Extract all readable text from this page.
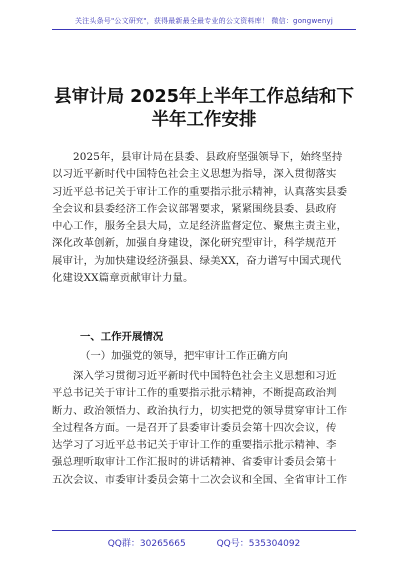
关注头条号"公文研究"，获得最新最全最专业的公文资料库！ 微信：gongwenyj
县审计局 2025年上半年工作总结和下
半年工作安排
2025年，县审计局在县委、县政府坚强领导下，始终坚持
以习近平新时代中国特色社会主义思想为指导，深入贯彻落实
习近平总书记关于审计工作的重要指示批示精神，认真落实县委
全会议和县委经济工作会议部署要求，紧紧围绕县委、县政府
中心工作，服务全县大局，立足经济监督定位、聚焦主责主业，
深化改革创新，加强自身建设，深化研究型审计，科学规范开
展审计，为加快建设经济强县、绿美XX，奋力谱写中国式现代
化建设XX篇章贡献审计力量。
一、工作开展情况
（一）加强党的领导，把牢审计工作正确方向
深入学习贯彻习近平新时代中国特色社会主义思想和习近
平总书记关于审计工作的重要指示批示精神，不断提高政治判
断力、政治领悟力、政治执行力，切实把党的领导贯穿审计工作
全过程各方面。一是召开了县委审计委员会第十四次会议，传
达学习了习近平总书记关于审计工作的重要指示批示精神、李
强总理听取审计工作汇报时的讲话精神、省委审计委员会第十
五次会议、市委审计委员会第十二次会议和全国、全省审计工作
QQ群：30265665	QQ号：535304092
